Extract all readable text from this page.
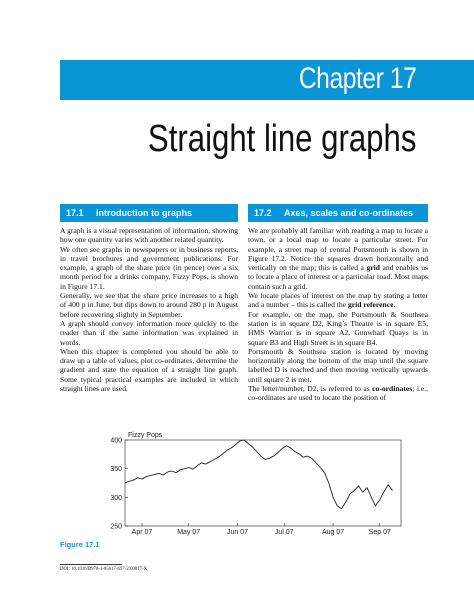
Chapter 17
Straight line graphs
17.1 Introduction to graphs	17.2 Axes, scales and co-ordinates

A graph is a visual representation of information, showing how one quantity varies with another related quantity.

We often see graphs in newspapers or in business reports, in travel brochures and government publications. For example, a graph of the share price (in pence) over a six month period for a drinks company, Fizzy Pops, is shown in Figure 17.1.

Generally, we see that the share price increases to a high of 400 p in June, but dips down to around 280 p in August before recovering slightly in September.

A graph should convey information more quickly to the reader than if the same information was explained in words.

When this chapter is completed you should be able to draw up a table of values, plot co-ordinates, determine the gradient and state the equation of a straight line graph. Some typical practical examples are included in which straight lines are used.

We are probably all familiar with reading a map to locate a town, or a local map to locate a particular street. For example, a street map of central Portsmouth is shown in Figure 17.2. Notice the squares drawn horizontally and vertically on the map; this is called a grid and enables us to locate a place of interest or a particular road. Most maps contain such a grid.

We locate places of interest on the map by stating a letter and a number – this is called the grid reference.

For example, on the map, the Portsmouth & Southsea station is in square D2, King’s Theatre is in square E5, HMS Warrior is in square A2, Gunwharf Quays is in square B3 and High Street is in square B4.

Portsmouth & Southsea station is located by moving horizontally along the bottom of the map until the square labelled D is reached and then moving vertically upwards until square 2 is met.

The letter/number, D2, is referred to as co-ordinates; i.e., co-ordinates are used to locate the position of

Fizzy Pops
250
300
350
400
Apr 07	May 07	Jun 07	Jul 07	Aug 07	Sep 07
Figure 17.1
DOI: 10.1016/B978-1-85617-697-2/00017-X
